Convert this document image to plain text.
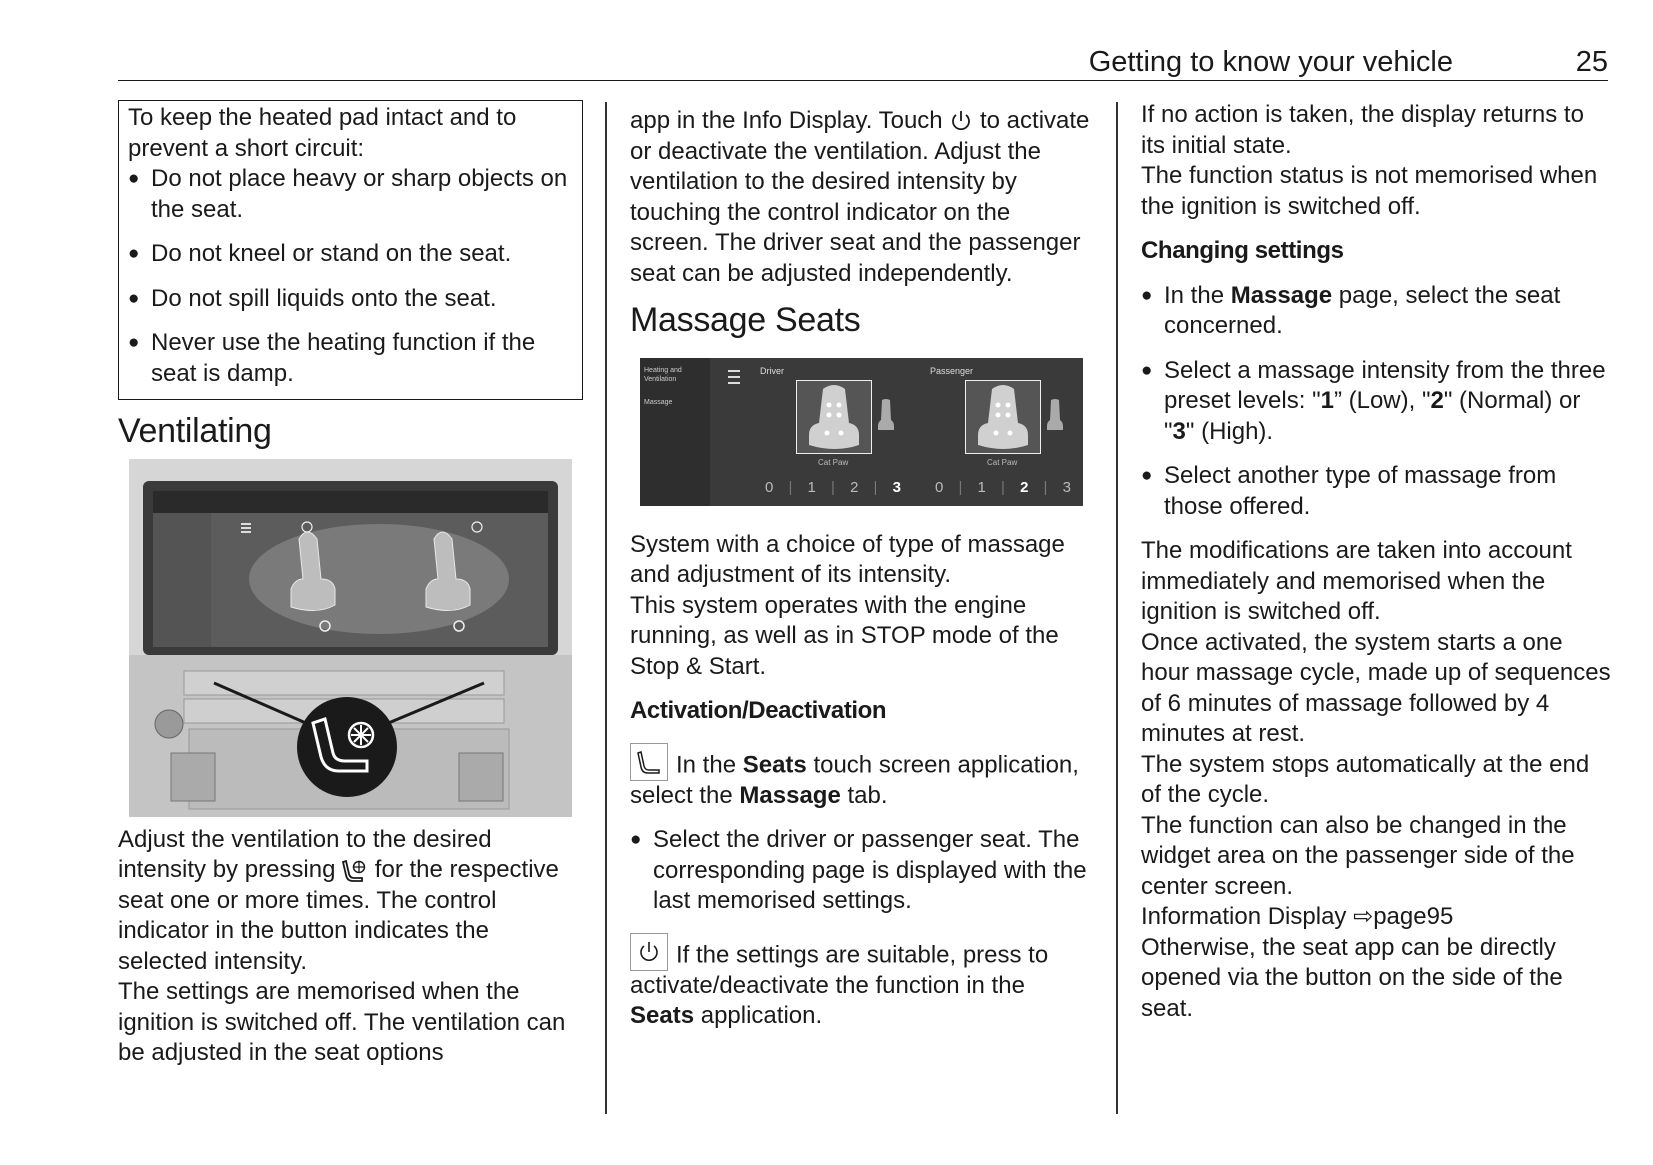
Getting to know your vehicle	25

To keep the heated pad intact and to prevent a short circuit:

● Do not place heavy or sharp objects on the seat.
● Do not kneel or stand on the seat.
● Do not spill liquids onto the seat.
● Never use the heating function if the seat is damp.
Ventilating

Adjust the ventilation to the desired intensity by pressing for the respective seat one or more times. The control indicator in the button indicates the selected intensity.

The settings are memorised when the ignition is switched off. The ventilation can be adjusted in the seat options

app in the Info Display. Touch to activate or deactivate the ventilation. Adjust the ventilation to the desired intensity by touching the control indicator on the screen. The driver seat and the passenger seat can be adjusted independently.

Massage Seats
Heating and Ventilation
Massage
Driver	Passenger
Cat Paw	Cat Paw
0 | 1 | 2 | 3 0 | 1 | 2 | 3

System with a choice of type of massage and adjustment of its intensity.

This system operates with the engine running, as well as in STOP mode of the Stop & Start.

Activation/Deactivation

In the Seats touch screen application, select the Massage tab.

● Select the driver or passenger seat. The corresponding page is displayed with the last memorised settings.

If the settings are suitable, press to activate/deactivate the function in the Seats application.

If no action is taken, the display returns to its initial state.

The function status is not memorised when the ignition is switched off.

Changing settings
● In the Massage page, select the seat concerned.
● Select a massage intensity from the three preset levels: "1” (Low), "2" (Normal) or "3" (High).
● Select another type of massage from those offered.

The modifications are taken into account immediately and memorised when the ignition is switched off.

Once activated, the system starts a one hour massage cycle, made up of sequences of 6 minutes of massage followed by 4 minutes at rest.

The system stops automatically at the end of the cycle.

The function can also be changed in the widget area on the passenger side of the center screen.

Information Display ⇨page95

Otherwise, the seat app can be directly opened via the button on the side of the seat.
